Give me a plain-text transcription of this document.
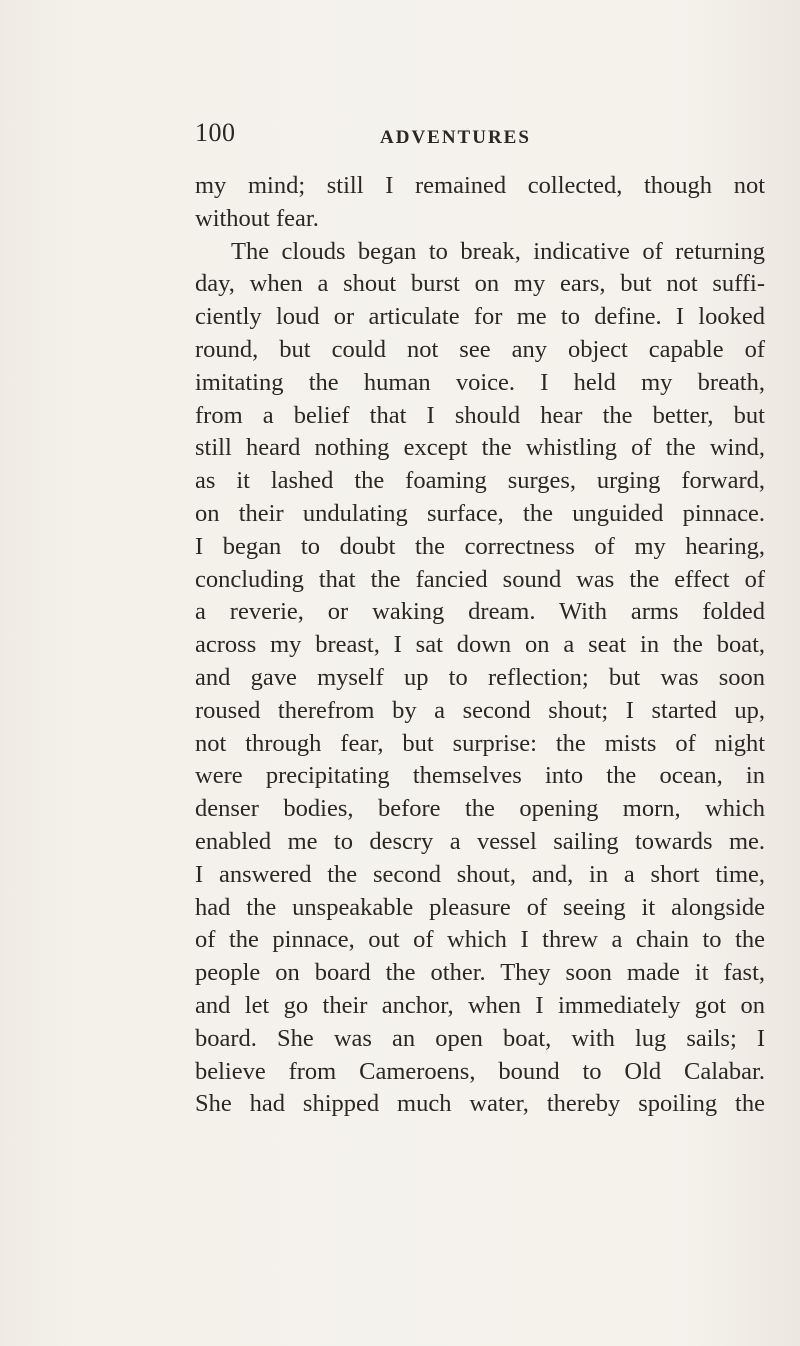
100	ADVENTURES
my mind; still I remained collected, though not
without fear.
The clouds began to break, indicative of returning
day, when a shout burst on my ears, but not suffi-
ciently loud or articulate for me to define. I looked
round, but could not see any object capable of
imitating the human voice. I held my breath,
from a belief that I should hear the better, but
still heard nothing except the whistling of the wind,
as it lashed the foaming surges, urging forward,
on their undulating surface, the unguided pinnace.
I began to doubt the correctness of my hearing,
concluding that the fancied sound was the effect of
a reverie, or waking dream. With arms folded
across my breast, I sat down on a seat in the boat,
and gave myself up to reflection; but was soon
roused therefrom by a second shout; I started up,
not through fear, but surprise: the mists of night
were precipitating themselves into the ocean, in
denser bodies, before the opening morn, which
enabled me to descry a vessel sailing towards me.
I answered the second shout, and, in a short time,
had the unspeakable pleasure of seeing it alongside
of the pinnace, out of which I threw a chain to the
people on board the other. They soon made it fast,
and let go their anchor, when I immediately got on
board. She was an open boat, with lug sails; I
believe from Cameroens, bound to Old Calabar.
She had shipped much water, thereby spoiling the
